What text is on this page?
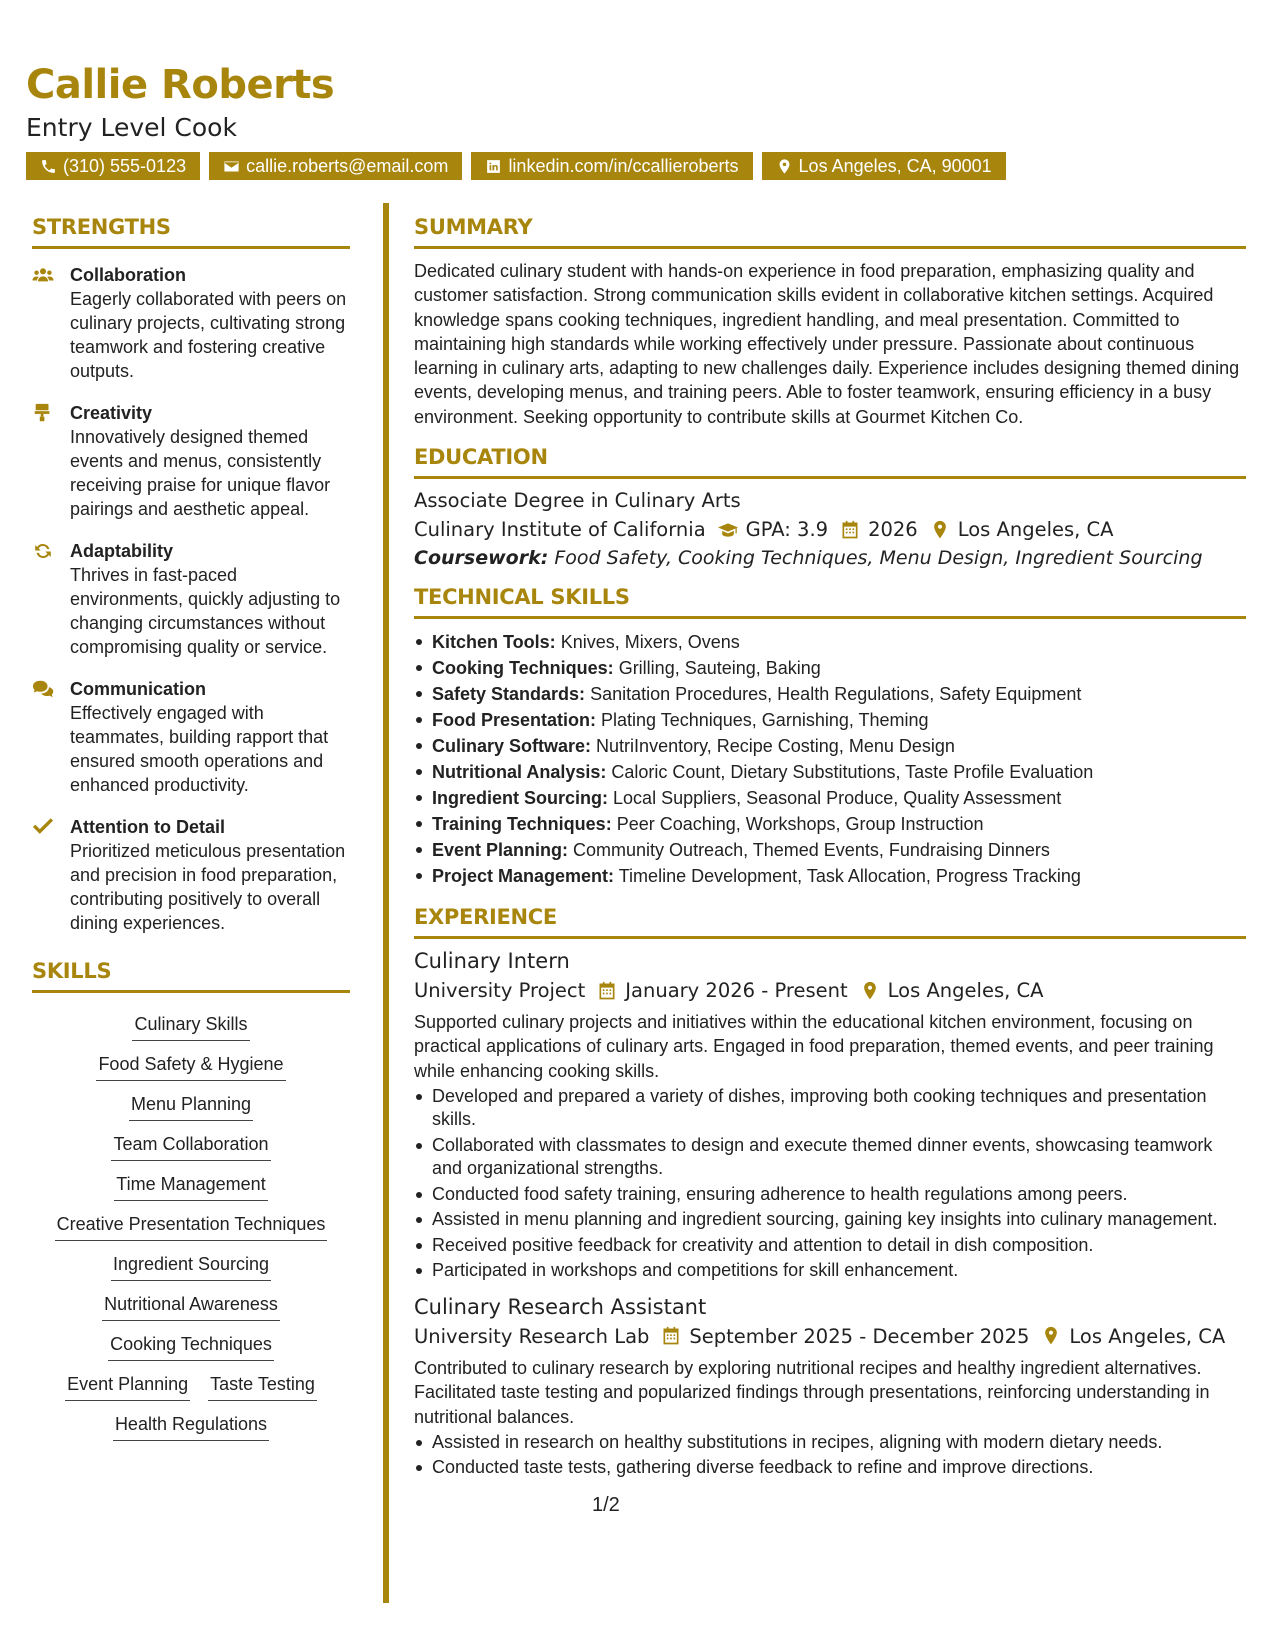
Callie Roberts
Entry Level Cook
(310) 555-0123	callie.roberts@email.com	linkedin.com/in/ccallieroberts	Los Angeles, CA, 90001
STRENGTHS
Collaboration
Eagerly collaborated with peers on culinary projects, cultivating strong teamwork and fostering creative outputs.
Creativity
Innovatively designed themed events and menus, consistently receiving praise for unique flavor pairings and aesthetic appeal.
Adaptability
Thrives in fast-paced environments, quickly adjusting to changing circumstances without compromising quality or service.
Communication
Effectively engaged with teammates, building rapport that ensured smooth operations and enhanced productivity.
Attention to Detail
Prioritized meticulous presentation and precision in food preparation, contributing positively to overall dining experiences.
SKILLS
Culinary Skills
Food Safety & Hygiene
Menu Planning
Team Collaboration
Time Management
Creative Presentation Techniques
Ingredient Sourcing
Nutritional Awareness
Cooking Techniques
Event Planning Taste Testing
Health Regulations
SUMMARY

Dedicated culinary student with hands-on experience in food preparation, emphasizing quality and customer satisfaction. Strong communication skills evident in collaborative kitchen settings. Acquired knowledge spans cooking techniques, ingredient handling, and meal presentation. Committed to maintaining high standards while working effectively under pressure. Passionate about continuous learning in culinary arts, adapting to new challenges daily. Experience includes designing themed dining events, developing menus, and training peers. Able to foster teamwork, ensuring efficiency in a busy environment. Seeking opportunity to contribute skills at Gourmet Kitchen Co.

EDUCATION
Associate Degree in Culinary Arts
Culinary Institute of California GPA: 3.9 2026 Los Angeles, CA
Coursework: Food Safety, Cooking Techniques, Menu Design, Ingredient Sourcing
TECHNICAL SKILLS
Kitchen Tools: Knives, Mixers, Ovens
Cooking Techniques: Grilling, Sauteing, Baking
Safety Standards: Sanitation Procedures, Health Regulations, Safety Equipment
Food Presentation: Plating Techniques, Garnishing, Theming
Culinary Software: NutriInventory, Recipe Costing, Menu Design
Nutritional Analysis: Caloric Count, Dietary Substitutions, Taste Profile Evaluation
Ingredient Sourcing: Local Suppliers, Seasonal Produce, Quality Assessment
Training Techniques: Peer Coaching, Workshops, Group Instruction
Event Planning: Community Outreach, Themed Events, Fundraising Dinners
Project Management: Timeline Development, Task Allocation, Progress Tracking
EXPERIENCE
Culinary Intern
University Project January 2026 - Present Los Angeles, CA

Supported culinary projects and initiatives within the educational kitchen environment, focusing on practical applications of culinary arts. Engaged in food preparation, themed events, and peer training while enhancing cooking skills.

Developed and prepared a variety of dishes, improving both cooking techniques and presentation skills.
Collaborated with classmates to design and execute themed dinner events, showcasing teamwork and organizational strengths.
Conducted food safety training, ensuring adherence to health regulations among peers.
Assisted in menu planning and ingredient sourcing, gaining key insights into culinary management.
Received positive feedback for creativity and attention to detail in dish composition.
Participated in workshops and competitions for skill enhancement.
Culinary Research Assistant
University Research Lab September 2025 - December 2025 Los Angeles, CA

Contributed to culinary research by exploring nutritional recipes and healthy ingredient alternatives. Facilitated taste testing and popularized findings through presentations, reinforcing understanding in nutritional balances.

Assisted in research on healthy substitutions in recipes, aligning with modern dietary needs.
Conducted taste tests, gathering diverse feedback to refine and improve directions.
1/2
